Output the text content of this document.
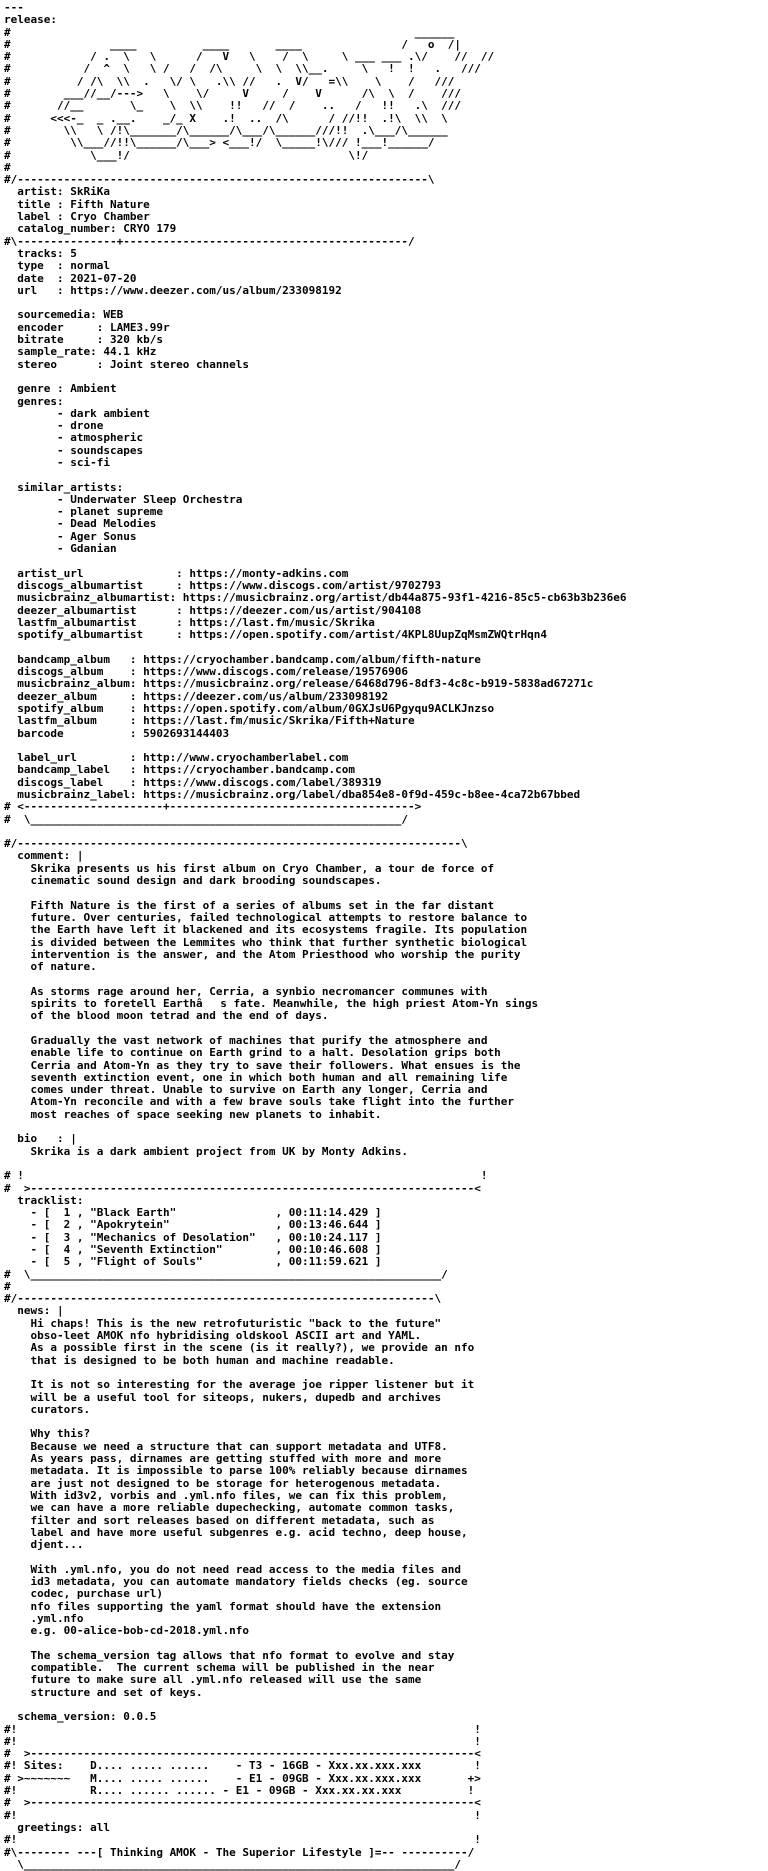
---
release:
#                                                             ______
#               ____          ____       ____               /   o  /|
#            / .  \   \      /   V   \    /  \     \ ___ ___ .\/    //  //
#           /  ^  \   \ /   /  /\     \  \  \\__.     \   !  !   .   ///
#          / /\  \\  .   \/ \   .\\ //   .  V/   =\\    \    /   ///
#        ___//__/--->   \    \/     V     /    V      /\  \  /    ///
#       //__       \_    \  \\    !!   //  /    ..   /   !!   .\  ///
#      <<<-_  _ .__.    _/_ X    .!  ..  /\      / //!!  .!\  \\  \
#        \\   \ /!\_______/\______/\___/\______///!!  .\___/\______
#         \\___//!!\______/\___> <___!/  \_____!\/// !___!______/
#            \___!/                                 \!/
#
#/--------------------------------------------------------------\
artist: SkRiKa
title : Fifth Nature
label : Cryo Chamber
catalog_number: CRYO 179
#\---------------+-------------------------------------------/
tracks: 5
type  : normal
date  : 2021-07-20
url   : https://www.deezer.com/us/album/233098192

sourcemedia: WEB
encoder     : LAME3.99r
bitrate     : 320 kb/s
sample_rate: 44.1 kHz
stereo      : Joint stereo channels

genre : Ambient
genres:
- dark ambient
- drone
- atmospheric
- soundscapes
- sci-fi

similar_artists:
- Underwater Sleep Orchestra
- planet supreme
- Dead Melodies
- Ager Sonus
- Gdanian

artist_url              : https://monty-adkins.com
discogs_albumartist     : https://www.discogs.com/artist/9702793
musicbrainz_albumartist: https://musicbrainz.org/artist/db44a875-93f1-4216-85c5-cb63b3b236e6
deezer_albumartist      : https://deezer.com/us/artist/904108
lastfm_albumartist      : https://last.fm/music/Skrika
spotify_albumartist     : https://open.spotify.com/artist/4KPL8UupZqMsmZWQtrHqn4

bandcamp_album   : https://cryochamber.bandcamp.com/album/fifth-nature
discogs_album    : https://www.discogs.com/release/19576906
musicbrainz_album: https://musicbrainz.org/release/6468d796-8df3-4c8c-b919-5838ad67271c
deezer_album     : https://deezer.com/us/album/233098192
spotify_album    : https://open.spotify.com/album/0GXJsU6Pgyqu9ACLKJnzso
lastfm_album     : https://last.fm/music/Skrika/Fifth+Nature
barcode          : 5902693144403

label_url        : http://www.cryochamberlabel.com
bandcamp_label   : https://cryochamber.bandcamp.com
discogs_label    : https://www.discogs.com/label/389319
musicbrainz_label: https://musicbrainz.org/label/dba854e8-0f9d-459c-b8ee-4ca72b67bbed
# <---------------------+------------------------------------->
#  \________________________________________________________/

#/-------------------------------------------------------------------\
comment: |
Skrika presents us his first album on Cryo Chamber, a tour de force of
cinematic sound design and dark brooding soundscapes.

Fifth Nature is the first of a series of albums set in the far distant
future. Over centuries, failed technological attempts to restore balance to
the Earth have left it blackened and its ecosystems fragile. Its population
is divided between the Lemmites who think that further synthetic biological
intervention is the answer, and the Atom Priesthood who worship the purity
of nature.

As storms rage around her, Cerria, a synbio necromancer communes with
spirits to foretell Earthâs fate. Meanwhile, the high priest Atom-Yn sings
of the blood moon tetrad and the end of days.

Gradually the vast network of machines that purify the atmosphere and
enable life to continue on Earth grind to a halt. Desolation grips both
Cerria and Atom-Yn as they try to save their followers. What ensues is the
seventh extinction event, one in which both human and all remaining life
comes under threat. Unable to survive on Earth any longer, Cerria and
Atom-Yn reconcile and with a few brave souls take flight into the further
most reaches of space seeking new planets to inhabit.

bio   : |
Skrika is a dark ambient project from UK by Monty Adkins.

# !                                                                     !
#  >-------------------------------------------------------------------<
tracklist:
- [  1 , "Black Earth"               , 00:11:14.429 ]
- [  2 , "Apokrytein"                , 00:13:46.644 ]
- [  3 , "Mechanics of Desolation"   , 00:10:24.117 ]
- [  4 , "Seventh Extinction"        , 00:10:46.608 ]
- [  5 , "Flight of Souls"           , 00:11:59.621 ]
#  \______________________________________________________________/
#
#/---------------------------------------------------------------\
news: |
Hi chaps! This is the new retrofuturistic "back to the future"
obso-leet AMOK nfo hybridising oldskool ASCII art and YAML.
As a possible first in the scene (is it really?), we provide an nfo
that is designed to be both human and machine readable.

It is not so interesting for the average joe ripper listener but it
will be a useful tool for siteops, nukers, dupedb and archives
curators.

Why this?
Because we need a structure that can support metadata and UTF8.
As years pass, dirnames are getting stuffed with more and more
metadata. It is impossible to parse 100% reliably because dirnames
are just not designed to be storage for heterogenous metadata.
With id3v2, vorbis and .yml.nfo files, we can fix this problem,
we can have a more reliable dupechecking, automate common tasks,
filter and sort releases based on different metadata, such as
label and have more useful subgenres e.g. acid techno, deep house,
djent...

With .yml.nfo, you do not need read access to the media files and
id3 metadata, you can automate mandatory fields checks (eg. source
codec, purchase url)
nfo files supporting the yaml format should have the extension
.yml.nfo
e.g. 00-alice-bob-cd-2018.yml.nfo

The schema_version tag allows that nfo format to evolve and stay
compatible.  The current schema will be published in the near
future to make sure all .yml.nfo released will use the same
structure and set of keys.

schema_version: 0.0.5
#!                                                                     !
#!                                                                     !
#  >-------------------------------------------------------------------<
#! Sites:    D.... ..... ......    - T3 - 16GB - Xxx.xx.xxx.xxx        !
# >~~~~~~~   M.... ..... ......    - E1 - 09GB - Xxx.xx.xxx.xxx       +>
#!           R.... ...... ...... - E1 - 09GB - Xxx.xx.xx.xxx          !
#  >-------------------------------------------------------------------<
#!                                                                     !
greetings: all
#!                                                                     !
#\-------- ---[ Thinking AMOK - The Superior Lifestyle ]=-- ----------/
\_________________________________________________________________/
